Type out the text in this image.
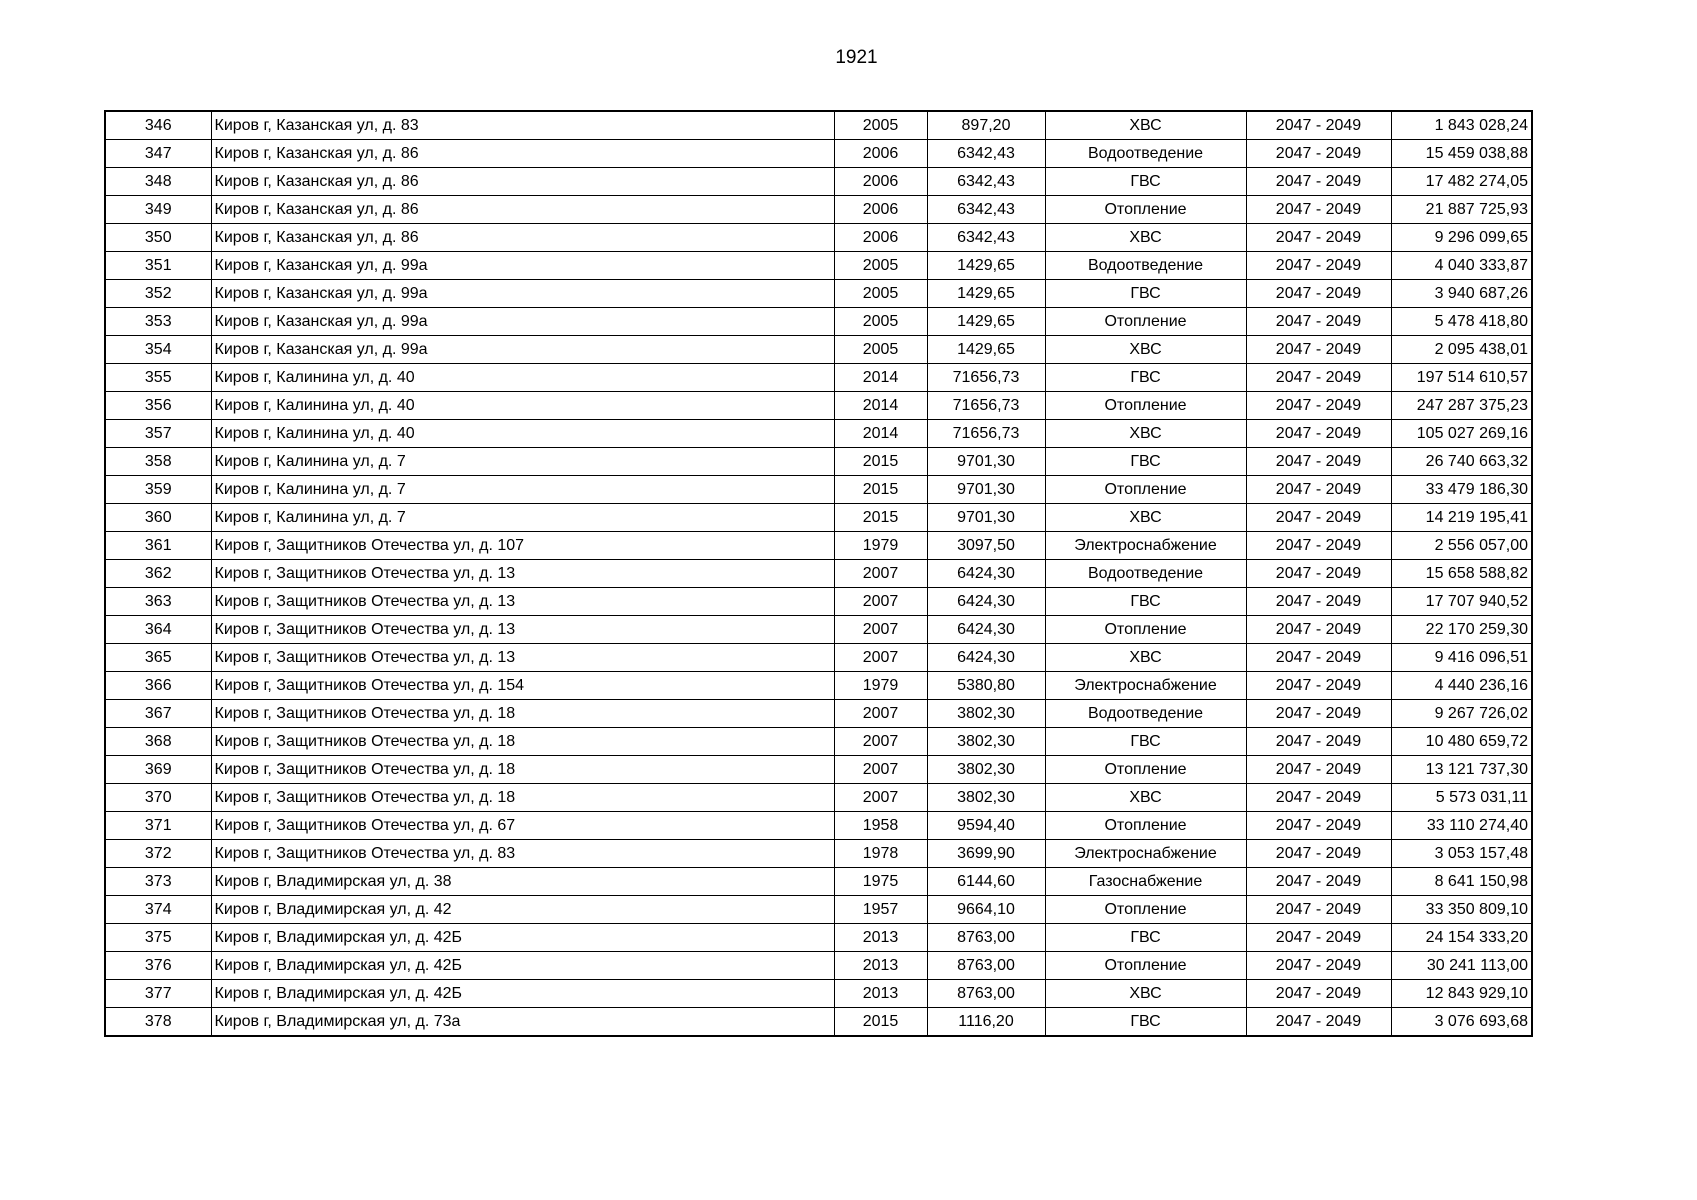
1921
346	Киров г, Казанская ул, д. 83	2005	897,20	ХВС	2047 - 2049	1 843 028,24
347	Киров г, Казанская ул, д. 86	2006	6342,43	Водоотведение	2047 - 2049	15 459 038,88
348	Киров г, Казанская ул, д. 86	2006	6342,43	ГВС	2047 - 2049	17 482 274,05
349	Киров г, Казанская ул, д. 86	2006	6342,43	Отопление	2047 - 2049	21 887 725,93
350	Киров г, Казанская ул, д. 86	2006	6342,43	ХВС	2047 - 2049	9 296 099,65
351	Киров г, Казанская ул, д. 99а	2005	1429,65	Водоотведение	2047 - 2049	4 040 333,87
352	Киров г, Казанская ул, д. 99а	2005	1429,65	ГВС	2047 - 2049	3 940 687,26
353	Киров г, Казанская ул, д. 99а	2005	1429,65	Отопление	2047 - 2049	5 478 418,80
354	Киров г, Казанская ул, д. 99а	2005	1429,65	ХВС	2047 - 2049	2 095 438,01
355	Киров г, Калинина ул, д. 40	2014	71656,73	ГВС	2047 - 2049	197 514 610,57
356	Киров г, Калинина ул, д. 40	2014	71656,73	Отопление	2047 - 2049	247 287 375,23
357	Киров г, Калинина ул, д. 40	2014	71656,73	ХВС	2047 - 2049	105 027 269,16
358	Киров г, Калинина ул, д. 7	2015	9701,30	ГВС	2047 - 2049	26 740 663,32
359	Киров г, Калинина ул, д. 7	2015	9701,30	Отопление	2047 - 2049	33 479 186,30
360	Киров г, Калинина ул, д. 7	2015	9701,30	ХВС	2047 - 2049	14 219 195,41
361	Киров г, Защитников Отечества ул, д. 107	1979	3097,50	Электроснабжение	2047 - 2049	2 556 057,00
362	Киров г, Защитников Отечества ул, д. 13	2007	6424,30	Водоотведение	2047 - 2049	15 658 588,82
363	Киров г, Защитников Отечества ул, д. 13	2007	6424,30	ГВС	2047 - 2049	17 707 940,52
364	Киров г, Защитников Отечества ул, д. 13	2007	6424,30	Отопление	2047 - 2049	22 170 259,30
365	Киров г, Защитников Отечества ул, д. 13	2007	6424,30	ХВС	2047 - 2049	9 416 096,51
366	Киров г, Защитников Отечества ул, д. 154	1979	5380,80	Электроснабжение	2047 - 2049	4 440 236,16
367	Киров г, Защитников Отечества ул, д. 18	2007	3802,30	Водоотведение	2047 - 2049	9 267 726,02
368	Киров г, Защитников Отечества ул, д. 18	2007	3802,30	ГВС	2047 - 2049	10 480 659,72
369	Киров г, Защитников Отечества ул, д. 18	2007	3802,30	Отопление	2047 - 2049	13 121 737,30
370	Киров г, Защитников Отечества ул, д. 18	2007	3802,30	ХВС	2047 - 2049	5 573 031,11
371	Киров г, Защитников Отечества ул, д. 67	1958	9594,40	Отопление	2047 - 2049	33 110 274,40
372	Киров г, Защитников Отечества ул, д. 83	1978	3699,90	Электроснабжение	2047 - 2049	3 053 157,48
373	Киров г, Владимирская ул, д. 38	1975	6144,60	Газоснабжение	2047 - 2049	8 641 150,98
374	Киров г, Владимирская ул, д. 42	1957	9664,10	Отопление	2047 - 2049	33 350 809,10
375	Киров г, Владимирская ул, д. 42Б	2013	8763,00	ГВС	2047 - 2049	24 154 333,20
376	Киров г, Владимирская ул, д. 42Б	2013	8763,00	Отопление	2047 - 2049	30 241 113,00
377	Киров г, Владимирская ул, д. 42Б	2013	8763,00	ХВС	2047 - 2049	12 843 929,10
378	Киров г, Владимирская ул, д. 73а	2015	1116,20	ГВС	2047 - 2049	3 076 693,68
